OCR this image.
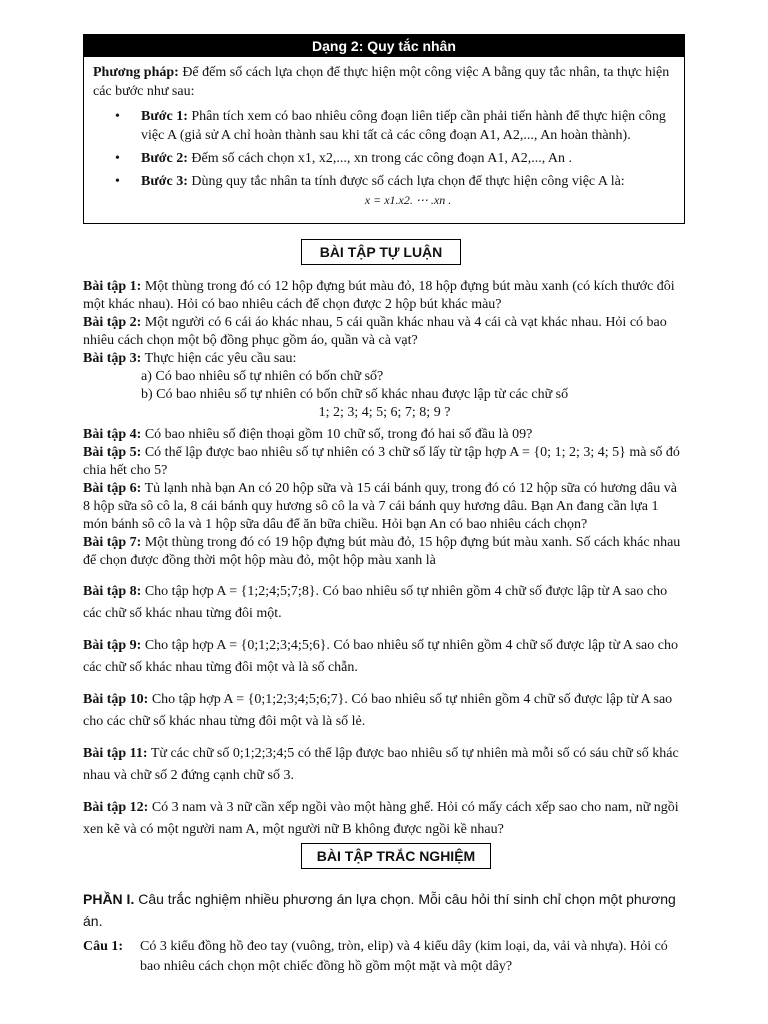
Dạng 2: Quy tắc nhân

Phương pháp: Để đếm số cách lựa chọn để thực hiện một công việc A bằng quy tắc nhân, ta thực hiện các bước như sau:

• Bước 1: Phân tích xem có bao nhiêu công đoạn liên tiếp cần phải tiến hành để thực hiện công việc A (giả sử A chỉ hoàn thành sau khi tất cả các công đoạn A1, A2,..., An hoàn thành).
• Bước 2: Đếm số cách chọn x1, x2,..., xn trong các công đoạn A1, A2,..., An .
• Bước 3: Dùng quy tắc nhân ta tính được số cách lựa chọn để thực hiện công việc A là:
x = x1.x2. ⋯ .xn .
BÀI TẬP TỰ LUẬN

Bài tập 1: Một thùng trong đó có 12 hộp đựng bút màu đỏ, 18 hộp đựng bút màu xanh (có kích thước đôi một khác nhau). Hỏi có bao nhiêu cách để chọn được 2 hộp bút khác màu?

Bài tập 2: Một người có 6 cái áo khác nhau, 5 cái quần khác nhau và 4 cái cà vạt khác nhau. Hỏi có bao nhiêu cách chọn một bộ đồng phục gồm áo, quần và cà vạt?

Bài tập 3: Thực hiện các yêu cầu sau:

a) Có bao nhiêu số tự nhiên có bốn chữ số?

b) Có bao nhiêu số tự nhiên có bốn chữ số khác nhau được lập từ các chữ số

1; 2; 3; 4; 5; 6; 7; 8; 9 ?

Bài tập 4: Có bao nhiêu số điện thoại gồm 10 chữ số, trong đó hai số đầu là 09?

Bài tập 5: Có thể lập được bao nhiêu số tự nhiên có 3 chữ số lấy từ tập hợp A = {0; 1; 2; 3; 4; 5} mà số đó chia hết cho 5?

Bài tập 6: Tủ lạnh nhà bạn An có 20 hộp sữa và 15 cái bánh quy, trong đó có 12 hộp sữa có hương dâu và 8 hộp sữa sô cô la, 8 cái bánh quy hương sô cô la và 7 cái bánh quy hương dâu. Bạn An đang cần lựa 1 món bánh sô cô la và 1 hộp sữa dâu để ăn bữa chiều. Hỏi bạn An có bao nhiêu cách chọn?

Bài tập 7: Một thùng trong đó có 19 hộp đựng bút màu đỏ, 15 hộp đựng bút màu xanh. Số cách khác nhau để chọn được đồng thời một hộp màu đỏ, một hộp màu xanh là

Bài tập 8: Cho tập hợp A = {1;2;4;5;7;8}. Có bao nhiêu số tự nhiên gồm 4 chữ số được lập từ A sao cho các chữ số khác nhau từng đôi một.

Bài tập 9: Cho tập hợp A = {0;1;2;3;4;5;6}. Có bao nhiêu số tự nhiên gồm 4 chữ số được lập từ A sao cho các chữ số khác nhau từng đôi một và là số chẵn.

Bài tập 10: Cho tập hợp A = {0;1;2;3;4;5;6;7}. Có bao nhiêu số tự nhiên gồm 4 chữ số được lập từ A sao cho các chữ số khác nhau từng đôi một và là số lẻ.

Bài tập 11: Từ các chữ số 0;1;2;3;4;5 có thể lập được bao nhiêu số tự nhiên mà mỗi số có sáu chữ số khác nhau và chữ số 2 đứng cạnh chữ số 3.

Bài tập 12: Có 3 nam và 3 nữ cần xếp ngồi vào một hàng ghế. Hỏi có mấy cách xếp sao cho nam, nữ ngồi xen kẽ và có một người nam A, một người nữ B không được ngồi kề nhau?

BÀI TẬP TRẮC NGHIỆM
PHẦN I. Câu trắc nghiệm nhiều phương án lựa chọn. Mỗi câu hỏi thí sinh chỉ chọn một phương án.
Câu 1: Có 3 kiểu đồng hồ đeo tay (vuông, tròn, elip) và 4 kiểu dây (kim loại, da, vải và nhựa). Hỏi có bao nhiêu cách chọn một chiếc đồng hồ gồm một mặt và một dây?
